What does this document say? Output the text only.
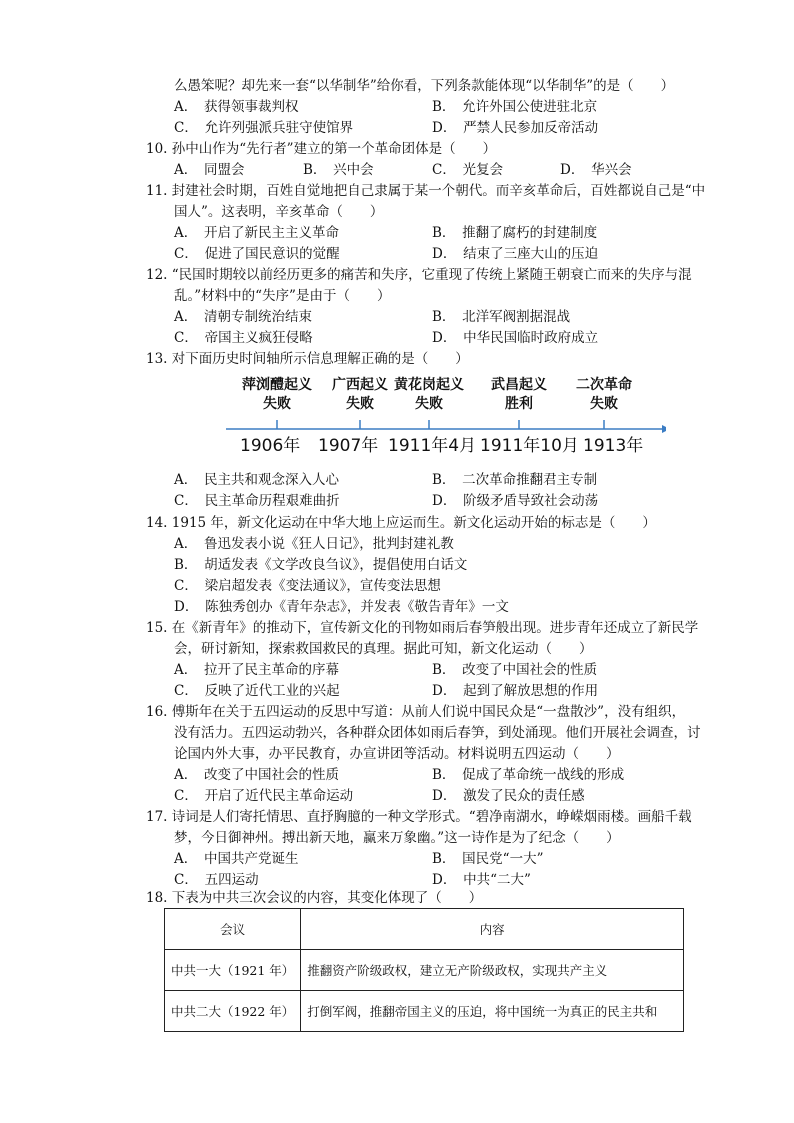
么愚笨呢？却先来一套“以华制华”给你看，下列条款能体现“以华制华”的是（　　）
A．　获得领事裁判权	B．　允许外国公使进驻北京
C．　允许列强派兵驻守使馆界	D．　严禁人民参加反帝活动
10. 孙中山作为“先行者”建立的第一个革命团体是（　　）
A．　同盟会	B．　兴中会	C．　光复会	D．　华兴会
11. 封建社会时期，百姓自觉地把自己隶属于某一个朝代。而辛亥革命后，百姓都说自己是“中
国人”。这表明，辛亥革命（　　）
A．　开启了新民主主义革命	B．　推翻了腐朽的封建制度
C．　促进了国民意识的觉醒	D．　结束了三座大山的压迫
12. “民国时期较以前经历更多的痛苦和失序，它重现了传统上紧随王朝衰亡而来的失序与混
乱。”材料中的“失序”是由于（　　）
A．　清朝专制统治结束	B．　北洋军阀割据混战
C．　帝国主义疯狂侵略	D．　中华民国临时政府成立
13. 对下面历史时间轴所示信息理解正确的是（　　）
萍浏醴起义
失败
广西起义
失败
黄花岗起义
失败
武昌起义
胜利
二次革命
失败
1906年 1907年 1911年4月 1911年10月 1913年
A．　民主共和观念深入人心	B．　二次革命推翻君主专制
C．　民主革命历程艰难曲折	D．　阶级矛盾导致社会动荡
14. 1915 年，新文化运动在中华大地上应运而生。新文化运动开始的标志是（　　）
A．　鲁迅发表小说《狂人日记》，批判封建礼教
B．　胡适发表《文学改良刍议》，提倡使用白话文
C．　梁启超发表《变法通议》，宣传变法思想
D．　陈独秀创办《青年杂志》，并发表《敬告青年》一文
15. 在《新青年》的推动下，宣传新文化的刊物如雨后春笋般出现。进步青年还成立了新民学
会，研讨新知，探索救国救民的真理。据此可知，新文化运动（　　）
A．　拉开了民主革命的序幕	B．　改变了中国社会的性质
C．　反映了近代工业的兴起	D．　起到了解放思想的作用
16. 傅斯年在关于五四运动的反思中写道：从前人们说中国民众是“一盘散沙”，没有组织，
没有活力。五四运动勃兴，各种群众团体如雨后春笋，到处涌现。他们开展社会调查，讨
论国内外大事，办平民教育，办宣讲团等活动。材料说明五四运动（　　）
A．　改变了中国社会的性质	B．　促成了革命统一战线的形成
C．　开启了近代民主革命运动	D．　激发了民众的责任感
17. 诗词是人们寄托情思、直抒胸臆的一种文学形式。“碧净南湖水，峥嵘烟雨楼。画船千载
梦，今日御神州。搏出新天地，赢来万象幽。”这一诗作是为了纪念（　　）
A．　中国共产党诞生	B．　国民党“一大”
C．　五四运动	D．　中共“二大”
18. 下表为中共三次会议的内容，其变化体现了（　　）
会议	内容
中共一大（1921 年）	推翻资产阶级政权，建立无产阶级政权，实现共产主义
中共二大（1922 年）	打倒军阀，推翻帝国主义的压迫，将中国统一为真正的民主共和
